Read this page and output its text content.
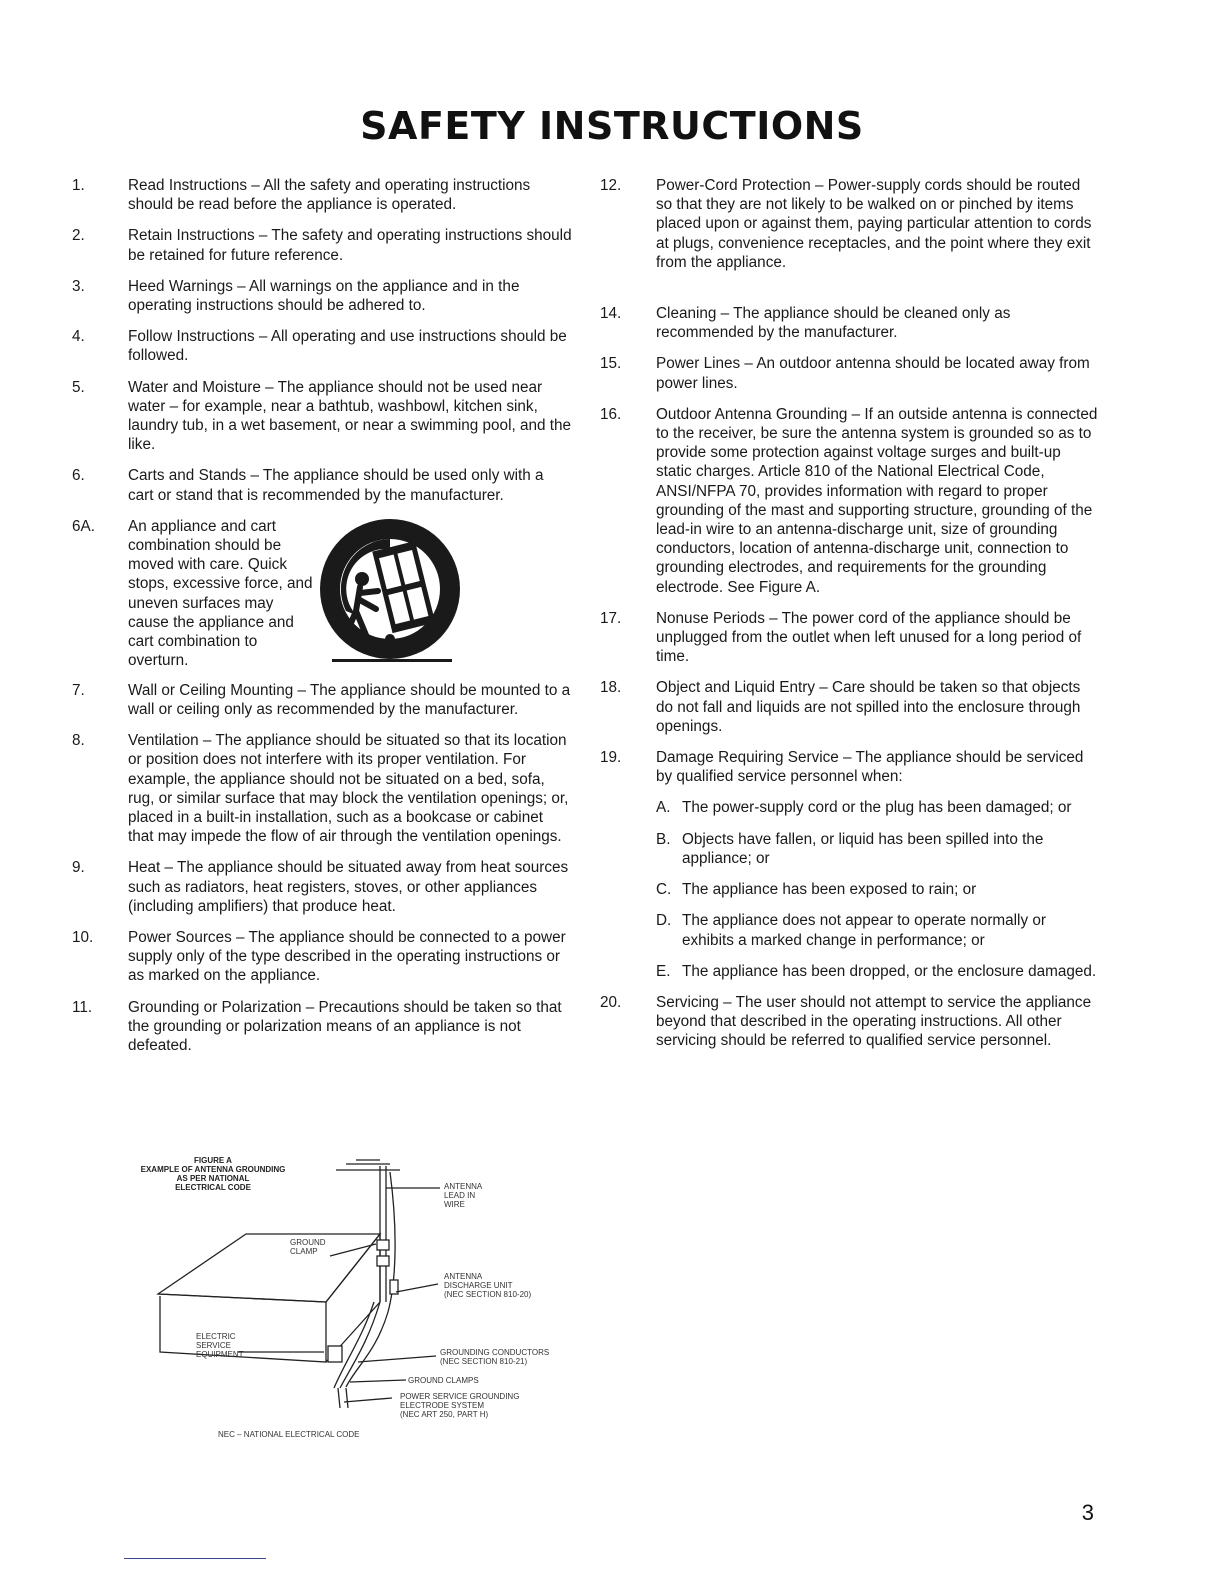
SAFETY INSTRUCTIONS
1.	Read Instructions – All the safety and operating instructions should be read before the appliance is operated.
2.	Retain Instructions – The safety and operating instructions should be retained for future reference.
3.	Heed Warnings – All warnings on the appliance and in the operating instructions should be adhered to.
4.	Follow Instructions – All operating and use instructions should be followed.
5.	Water and Moisture – The appliance should not be used near water – for example, near a bathtub, washbowl, kitchen sink, laundry tub, in a wet basement, or near a swimming pool, and the like.
6.	Carts and Stands – The appliance should be used only with a cart or stand that is recommended by the manufacturer.
6A.	An appliance and cart combination should be moved with care. Quick stops, excessive force, and uneven surfaces may cause the appliance and cart combination to overturn.
7.	Wall or Ceiling Mounting – The appliance should be mounted to a wall or ceiling only as recommended by the manufacturer.
8.	Ventilation – The appliance should be situated so that its location or position does not interfere with its proper ventilation. For example, the appliance should not be situated on a bed, sofa, rug, or similar surface that may block the ventilation openings; or, placed in a built-in installation, such as a bookcase or cabinet that may impede the flow of air through the ventilation openings.
9.	Heat – The appliance should be situated away from heat sources such as radiators, heat registers, stoves, or other appliances (including amplifiers) that produce heat.
10.	Power Sources – The appliance should be connected to a power supply only of the type described in the operating instructions or as marked on the appliance.
11.	Grounding or Polarization – Precautions should be taken so that the grounding or polarization means of an appliance is not defeated.
12.	Power-Cord Protection – Power-supply cords should be routed so that they are not likely to be walked on or pinched by items placed upon or against them, paying particular attention to cords at plugs, convenience receptacles, and the point where they exit from the appliance.
14.	Cleaning – The appliance should be cleaned only as recommended by the manufacturer.
15.	Power Lines – An outdoor antenna should be located away from power lines.
16.	Outdoor Antenna Grounding – If an outside antenna is connected to the receiver, be sure the antenna system is grounded so as to provide some protection against voltage surges and built-up static charges. Article 810 of the National Electrical Code, ANSI/NFPA 70, provides information with regard to proper grounding of the mast and supporting structure, grounding of the lead-in wire to an antenna-discharge unit, size of grounding conductors, location of antenna-discharge unit, connection to grounding electrodes, and requirements for the grounding electrode. See Figure A.
17.	Nonuse Periods – The power cord of the appliance should be unplugged from the outlet when left unused for a long period of time.
18.	Object and Liquid Entry – Care should be taken so that objects do not fall and liquids are not spilled into the enclosure through openings.
19.	Damage Requiring Service – The appliance should be serviced by qualified service personnel when:
A. The power-supply cord or the plug has been damaged; or
B. Objects have fallen, or liquid has been spilled into the appliance; or
C. The appliance has been exposed to rain; or
D. The appliance does not appear to operate normally or exhibits a marked change in performance; or
E. The appliance has been dropped, or the enclosure damaged.
20.	Servicing – The user should not attempt to service the appliance beyond that described in the operating instructions. All other servicing should be referred to qualified service personnel.
FIGURE A
EXAMPLE OF ANTENNA GROUNDING
AS PER NATIONAL
ELECTRICAL CODE	ANTENNA
LEAD IN
WIRE
GROUND
CLAMP
ANTENNA
DISCHARGE UNIT
(NEC SECTION 810-20)
ELECTRIC
SERVICE
EQUIPMENT	GROUNDING CONDUCTORS
(NEC SECTION 810-21)
GROUND CLAMPS
POWER SERVICE GROUNDING
ELECTRODE SYSTEM
(NEC ART 250, PART H)
NEC – NATIONAL ELECTRICAL CODE
3
